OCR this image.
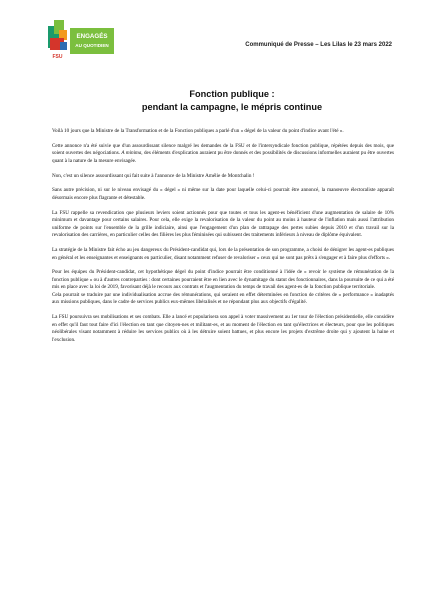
FSU
ENGAGÉS
AU QUOTIDIEN	Communiqué de Presse – Les Lilas le 23 mars 2022
Fonction publique :
pendant la campagne, le mépris continue

Voilà 10 jours que la Ministre de la Transformation et de la Fonction publiques a parlé d'un « dégel de la valeur du point d'indice avant l'été ».

Cette annonce n'a été suivie que d'un assourdissant silence malgré les demandes de la FSU et de l'intersyndicale fonction publique, répétées depuis des mois, que soient ouvertes des négociations. A minima, des éléments d'explication auraient pu être donnés et des possibilités de discussions informelles auraient pu être ouvertes quant à la nature de la mesure envisagée.

Non, c'est un silence assourdissant qui fait suite à l'annonce de la Ministre Amélie de Montchalin !

Sans autre précision, ni sur le niveau envisagé du « dégel » ni même sur la date pour laquelle celui-ci pourrait être annoncé, la manœuvre électoraliste apparaît désormais encore plus flagrante et détestable.

La FSU rappelle sa revendication que plusieurs leviers soient actionnés pour que toutes et tous les agent-es bénéficient d'une augmentation de salaire de 10% minimum et davantage pour certains salaires. Pour cela, elle exige la revalorisation de la valeur du point au moins à hauteur de l'inflation mais aussi l'attribution uniforme de points sur l'ensemble de la grille indiciaire, ainsi que l'engagement d'un plan de rattrapage des pertes subies depuis 2010 et d'un travail sur la revalorisation des carrières, en particulier celles des filières les plus féminisées qui subissent des traitements inférieurs à niveau de diplôme équivalent.

La stratégie de la Ministre fait écho au jeu dangereux du Président-candidat qui, lors de la présentation de son programme, a choisi de dénigrer les agent-es publiques en général et les enseignantes et enseignants en particulier, disant notamment refuser de revaloriser « ceux qui ne sont pas prêts à s'engager et à faire plus d'efforts ».

Pour les équipes du Président-candidat, cet hypothétique dégel du point d'indice pourrait être conditionné à l'idée de « revoir le système de rémunération de la fonction publique » ou à d'autres contreparties : dont certaines pourraient être en lien avec le dynamitage du statut des fonctionnaires, dans la poursuite de ce qui a été mis en place avec la loi de 2019, favorisant déjà le recours aux contrats et l'augmentation du temps de travail des agent-es de la fonction publique territoriale.

Cela pourrait se traduire par une individualisation accrue des rémunérations, qui seraient en effet déterminées en fonction de critères de « performance » inadaptés aux missions publiques, dans le cadre de services publics eux-mêmes libéralisés et ne répondant plus aux objectifs d'égalité.

La FSU poursuivra ses mobilisations et ses combats. Elle a lancé et popularisera son appel à voter massivement au 1er tour de l'élection présidentielle, elle considère en effet qu'il faut tout faire d'ici l'élection en tant que citoyen-nes et militant-es, et au moment de l'élection en tant qu'électrices et électeurs, pour que les politiques néolibérales visant notamment à réduire les services publics où à les détruire soient battues, et plus encore les projets d'extrême droite qui y ajoutent la haine et l'exclusion.
